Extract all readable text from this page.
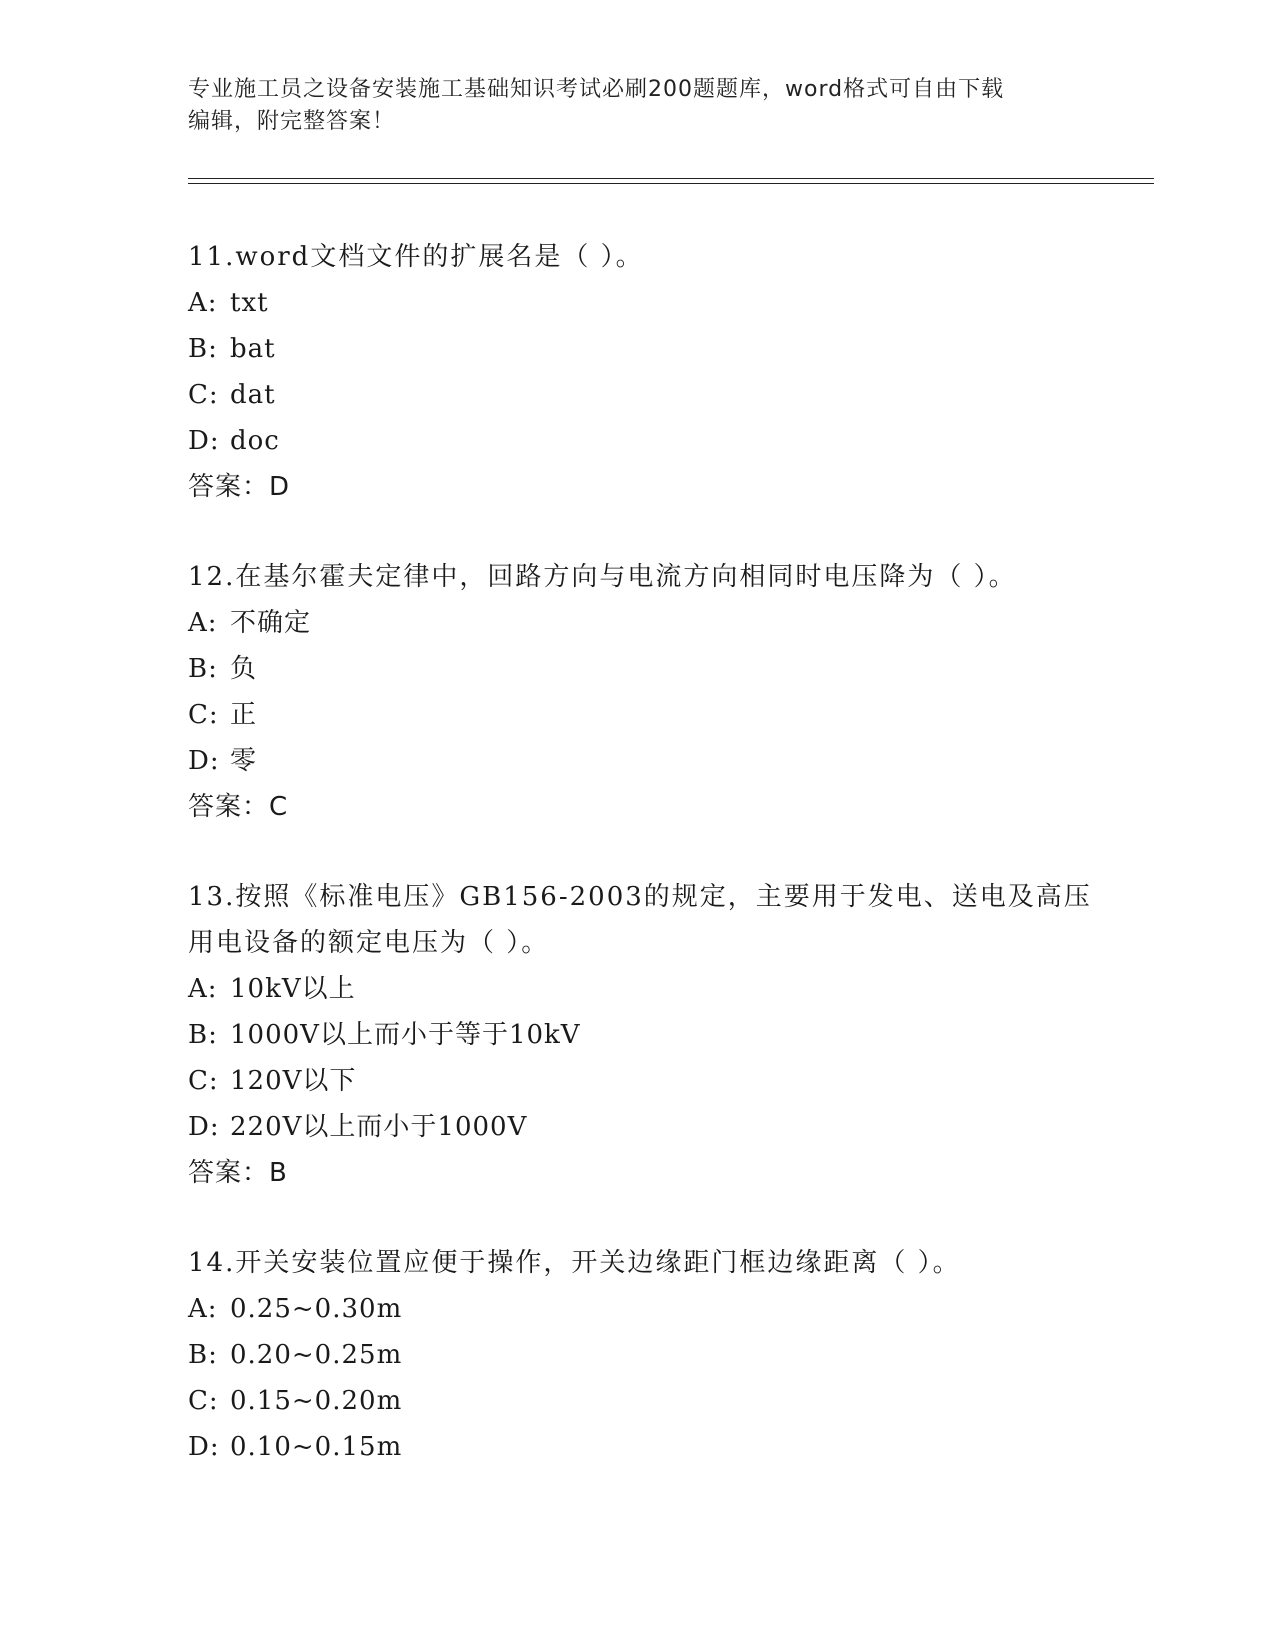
专业施工员之设备安装施工基础知识考试必刷200题题库，word格式可自由下载
编辑，附完整答案！

11.word文档文件的扩展名是（ ）。

A: txt
B: bat
C: dat
D: doc

答案：D

12.在基尔霍夫定律中，回路方向与电流方向相同时电压降为（ ）。

A: 不确定
B: 负
C: 正
D: 零

答案：C

13.按照《标准电压》GB156-2003的规定，主要用于发电、送电及高压

用电设备的额定电压为（ ）。

A: 10kV以上
B: 1000V以上而小于等于10kV
C: 120V以下
D: 220V以上而小于1000V

答案：B

14.开关安装位置应便于操作，开关边缘距门框边缘距离（ ）。

A: 0.25~0.30m
B: 0.20~0.25m
C: 0.15~0.20m
D: 0.10~0.15m
